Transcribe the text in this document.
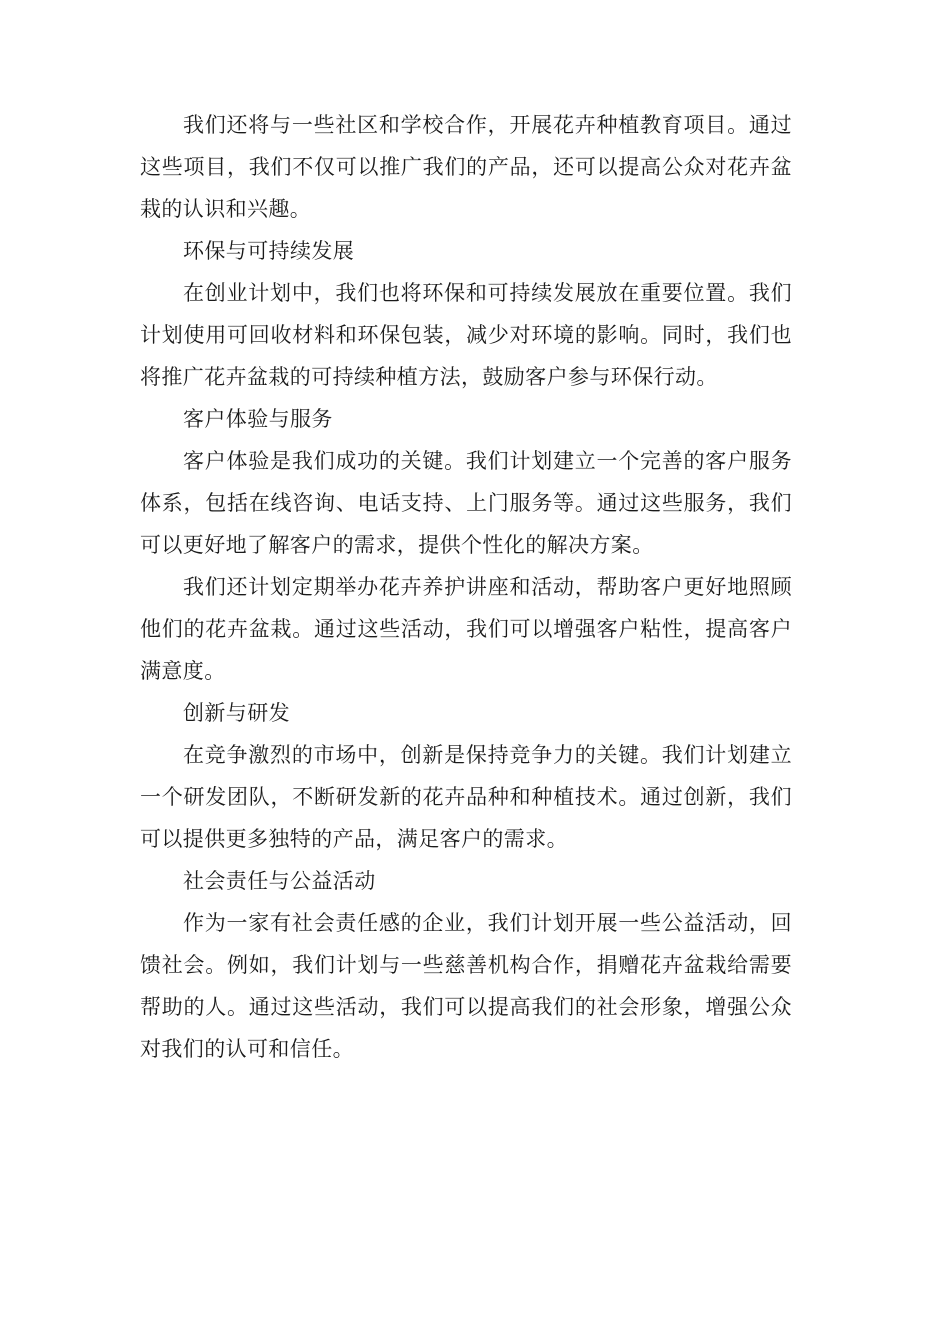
我们还将与一些社区和学校合作，开展花卉种植教育项目。通过这些项目，我们不仅可以推广我们的产品，还可以提高公众对花卉盆栽的认识和兴趣。

环保与可持续发展

在创业计划中，我们也将环保和可持续发展放在重要位置。我们计划使用可回收材料和环保包装，减少对环境的影响。同时，我们也将推广花卉盆栽的可持续种植方法，鼓励客户参与环保行动。

客户体验与服务

客户体验是我们成功的关键。我们计划建立一个完善的客户服务体系，包括在线咨询、电话支持、上门服务等。通过这些服务，我们可以更好地了解客户的需求，提供个性化的解决方案。

我们还计划定期举办花卉养护讲座和活动，帮助客户更好地照顾他们的花卉盆栽。通过这些活动，我们可以增强客户粘性，提高客户满意度。

创新与研发

在竞争激烈的市场中，创新是保持竞争力的关键。我们计划建立一个研发团队，不断研发新的花卉品种和种植技术。通过创新，我们可以提供更多独特的产品，满足客户的需求。

社会责任与公益活动

作为一家有社会责任感的企业，我们计划开展一些公益活动，回馈社会。例如，我们计划与一些慈善机构合作，捐赠花卉盆栽给需要帮助的人。通过这些活动，我们可以提高我们的社会形象，增强公众对我们的认可和信任。
